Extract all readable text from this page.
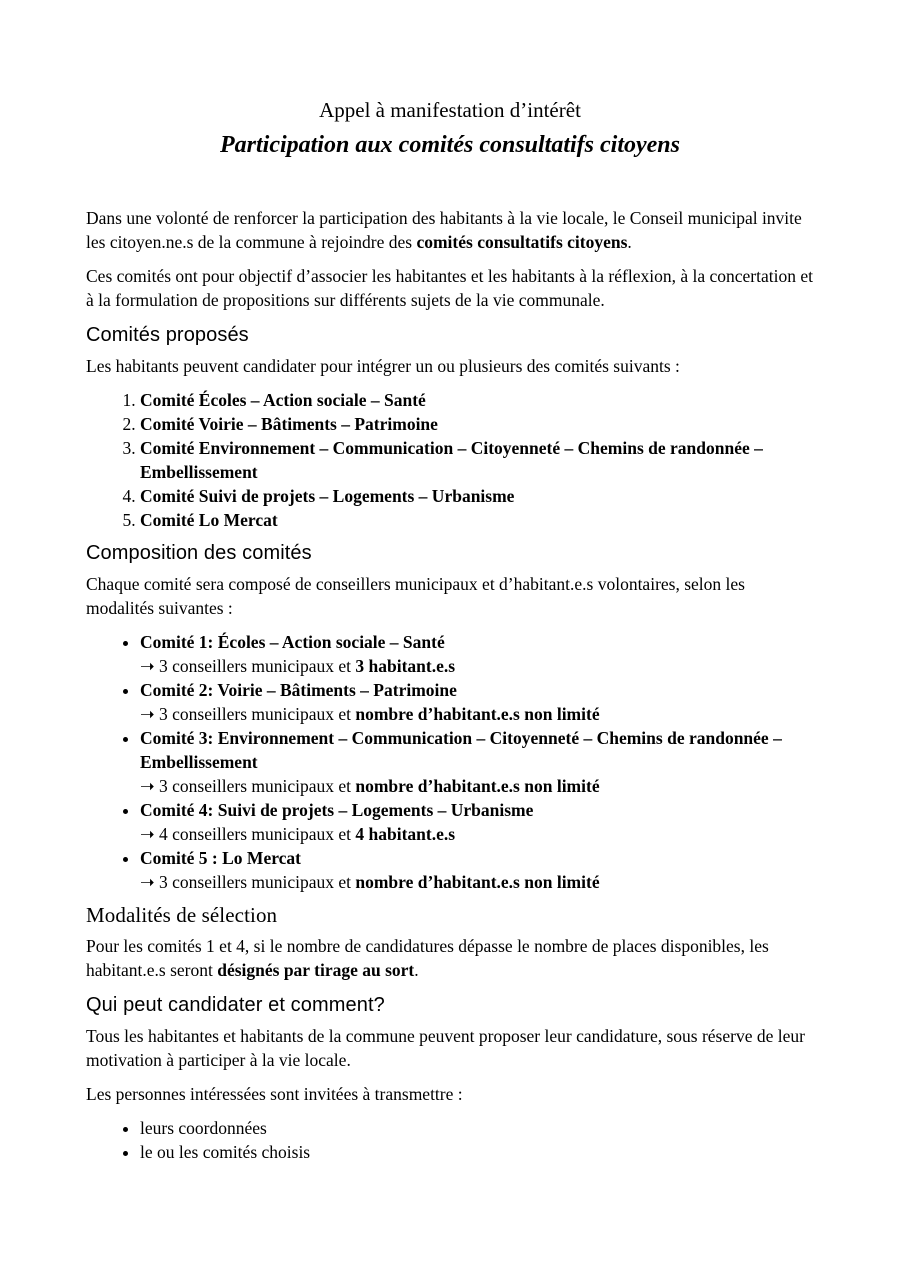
Appel à manifestation d’intérêt
Participation aux comités consultatifs citoyens

Dans une volonté de renforcer la participation des habitants à la vie locale, le Conseil municipal invite les citoyen.ne.s de la commune à rejoindre des comités consultatifs citoyens.

Ces comités ont pour objectif d’associer les habitantes et les habitants à la réflexion, à la concertation et à la formulation de propositions sur différents sujets de la vie communale.

Comités proposés

Les habitants peuvent candidater pour intégrer un ou plusieurs des comités suivants :

1. Comité Écoles – Action sociale – Santé
2. Comité Voirie – Bâtiments – Patrimoine
3. Comité Environnement – Communication – Citoyenneté – Chemins de randonnée – Embellissement
4. Comité Suivi de projets – Logements – Urbanisme
5. Comité Lo Mercat
Composition des comités

Chaque comité sera composé de conseillers municipaux et d’habitant.e.s volontaires, selon les modalités suivantes :

• Comité 1: Écoles – Action sociale – Santé
➝ 3 conseillers municipaux et 3 habitant.e.s
• Comité 2: Voirie – Bâtiments – Patrimoine
➝ 3 conseillers municipaux et nombre d’habitant.e.s non limité
• Comité 3: Environnement – Communication – Citoyenneté – Chemins de randonnée – Embellissement
➝ 3 conseillers municipaux et nombre d’habitant.e.s non limité
• Comité 4: Suivi de projets – Logements – Urbanisme
➝ 4 conseillers municipaux et 4 habitant.e.s
• Comité 5 : Lo Mercat
➝ 3 conseillers municipaux et nombre d’habitant.e.s non limité
Modalités de sélection

Pour les comités 1 et 4, si le nombre de candidatures dépasse le nombre de places disponibles, les habitant.e.s seront désignés par tirage au sort.

Qui peut candidater et comment?

Tous les habitantes et habitants de la commune peuvent proposer leur candidature, sous réserve de leur motivation à participer à la vie locale.

Les personnes intéressées sont invitées à transmettre :

• leurs coordonnées
• le ou les comités choisis
